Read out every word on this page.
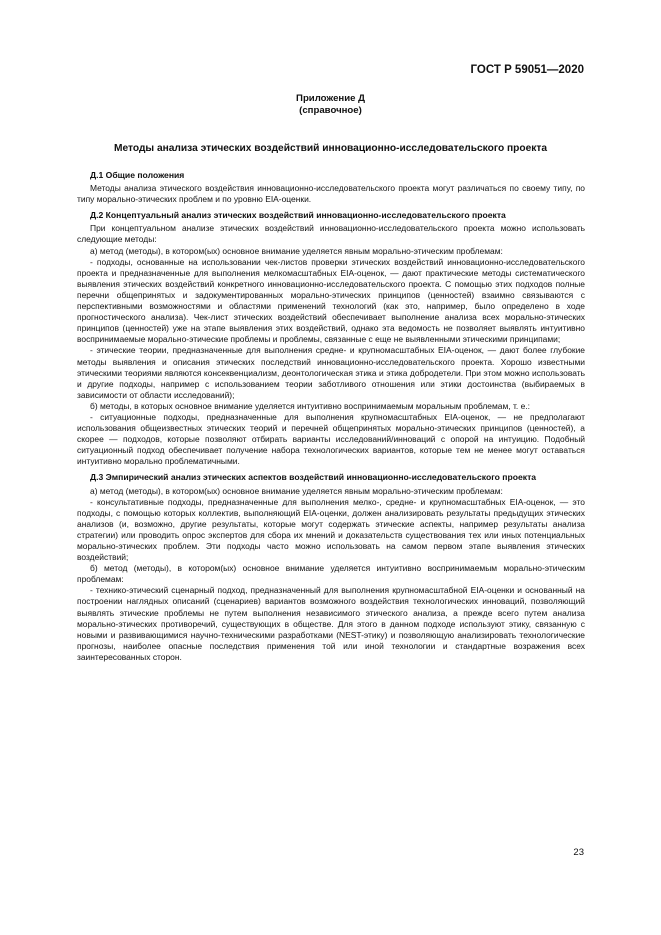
ГОСТ Р 59051—2020
Приложение Д
(справочное)
Методы анализа этических воздействий инновационно-исследовательского проекта
Д.1 Общие положения

Методы анализа этического воздействия инновационно-исследовательского проекта могут различаться по своему типу, по типу морально-этических проблем и по уровню EIA-оценки.

Д.2 Концептуальный анализ этических воздействий инновационно-исследовательского проекта

При концептуальном анализе этических воздействий инновационно-исследовательского проекта можно использовать следующие методы:

а) метод (методы), в котором(ых) основное внимание уделяется явным морально-этическим проблемам:

- подходы, основанные на использовании чек-листов проверки этических воздействий инновационно-исследовательского проекта и предназначенные для выполнения мелкомасштабных EIA-оценок, — дают практические методы систематического выявления этических воздействий конкретного инновационно-исследовательского проекта. С помощью этих подходов полные перечни общепринятых и задокументированных морально-этических принципов (ценностей) взаимно связываются с перспективными возможностями и областями применений технологий (как это, например, было определено в ходе прогностического анализа). Чек-лист этических воздействий обеспечивает выполнение анализа всех морально-этических принципов (ценностей) уже на этапе выявления этих воздействий, однако эта ведомость не позволяет выявлять интуитивно воспринимаемые морально-этические проблемы и проблемы, связанные с еще не выявленными этическими принципами;

- этические теории, предназначенные для выполнения средне- и крупномасштабных EIA-оценок, — дают более глубокие методы выявления и описания этических последствий инновационно-исследовательского проекта. Хорошо известными этическими теориями являются консеквенциализм, деонтологическая этика и этика добродетели. При этом можно использовать и другие подходы, например с использованием теории заботливого отношения или этики достоинства (выбираемых в зависимости от области исследований);

б) методы, в которых основное внимание уделяется интуитивно воспринимаемым моральным проблемам, т. е.:

- ситуационные подходы, предназначенные для выполнения крупномасштабных EIA-оценок, — не предполагают использования общеизвестных этических теорий и перечней общепринятых морально-этических принципов (ценностей), а скорее — подходов, которые позволяют отбирать варианты исследований/инноваций с опорой на интуицию. Подобный ситуационный подход обеспечивает получение набора технологических вариантов, которые тем не менее могут оставаться интуитивно морально проблематичными.

Д.3 Эмпирический анализ этических аспектов воздействий инновационно-исследовательского проекта

а) метод (методы), в котором(ых) основное внимание уделяется явным морально-этическим проблемам:

- консультативные подходы, предназначенные для выполнения мелко-, средне- и крупномасштабных EIA-оценок, — это подходы, с помощью которых коллектив, выполняющий EIA-оценки, должен анализировать результаты предыдущих этических анализов (и, возможно, другие результаты, которые могут содержать этические аспекты, например результаты анализа стратегии) или проводить опрос экспертов для сбора их мнений и доказательств существования тех или иных потенциальных морально-этических проблем. Эти подходы часто можно использовать на самом первом этапе выявления этических воздействий;

б) метод (методы), в котором(ых) основное внимание уделяется интуитивно воспринимаемым морально-этическим проблемам:

- технико-этический сценарный подход, предназначенный для выполнения крупномасштабной EIA-оценки и основанный на построении наглядных описаний (сценариев) вариантов возможного воздействия технологических инноваций, позволяющий выявлять этические проблемы не путем выполнения независимого этического анализа, а прежде всего путем анализа морально-этических противоречий, существующих в обществе. Для этого в данном подходе используют этику, связанную с новыми и развивающимися научно-техническими разработками (NEST-этику) и позволяющую анализировать технологические прогнозы, наиболее опасные последствия применения той или иной технологии и стандартные возражения всех заинтересованных сторон.

23
